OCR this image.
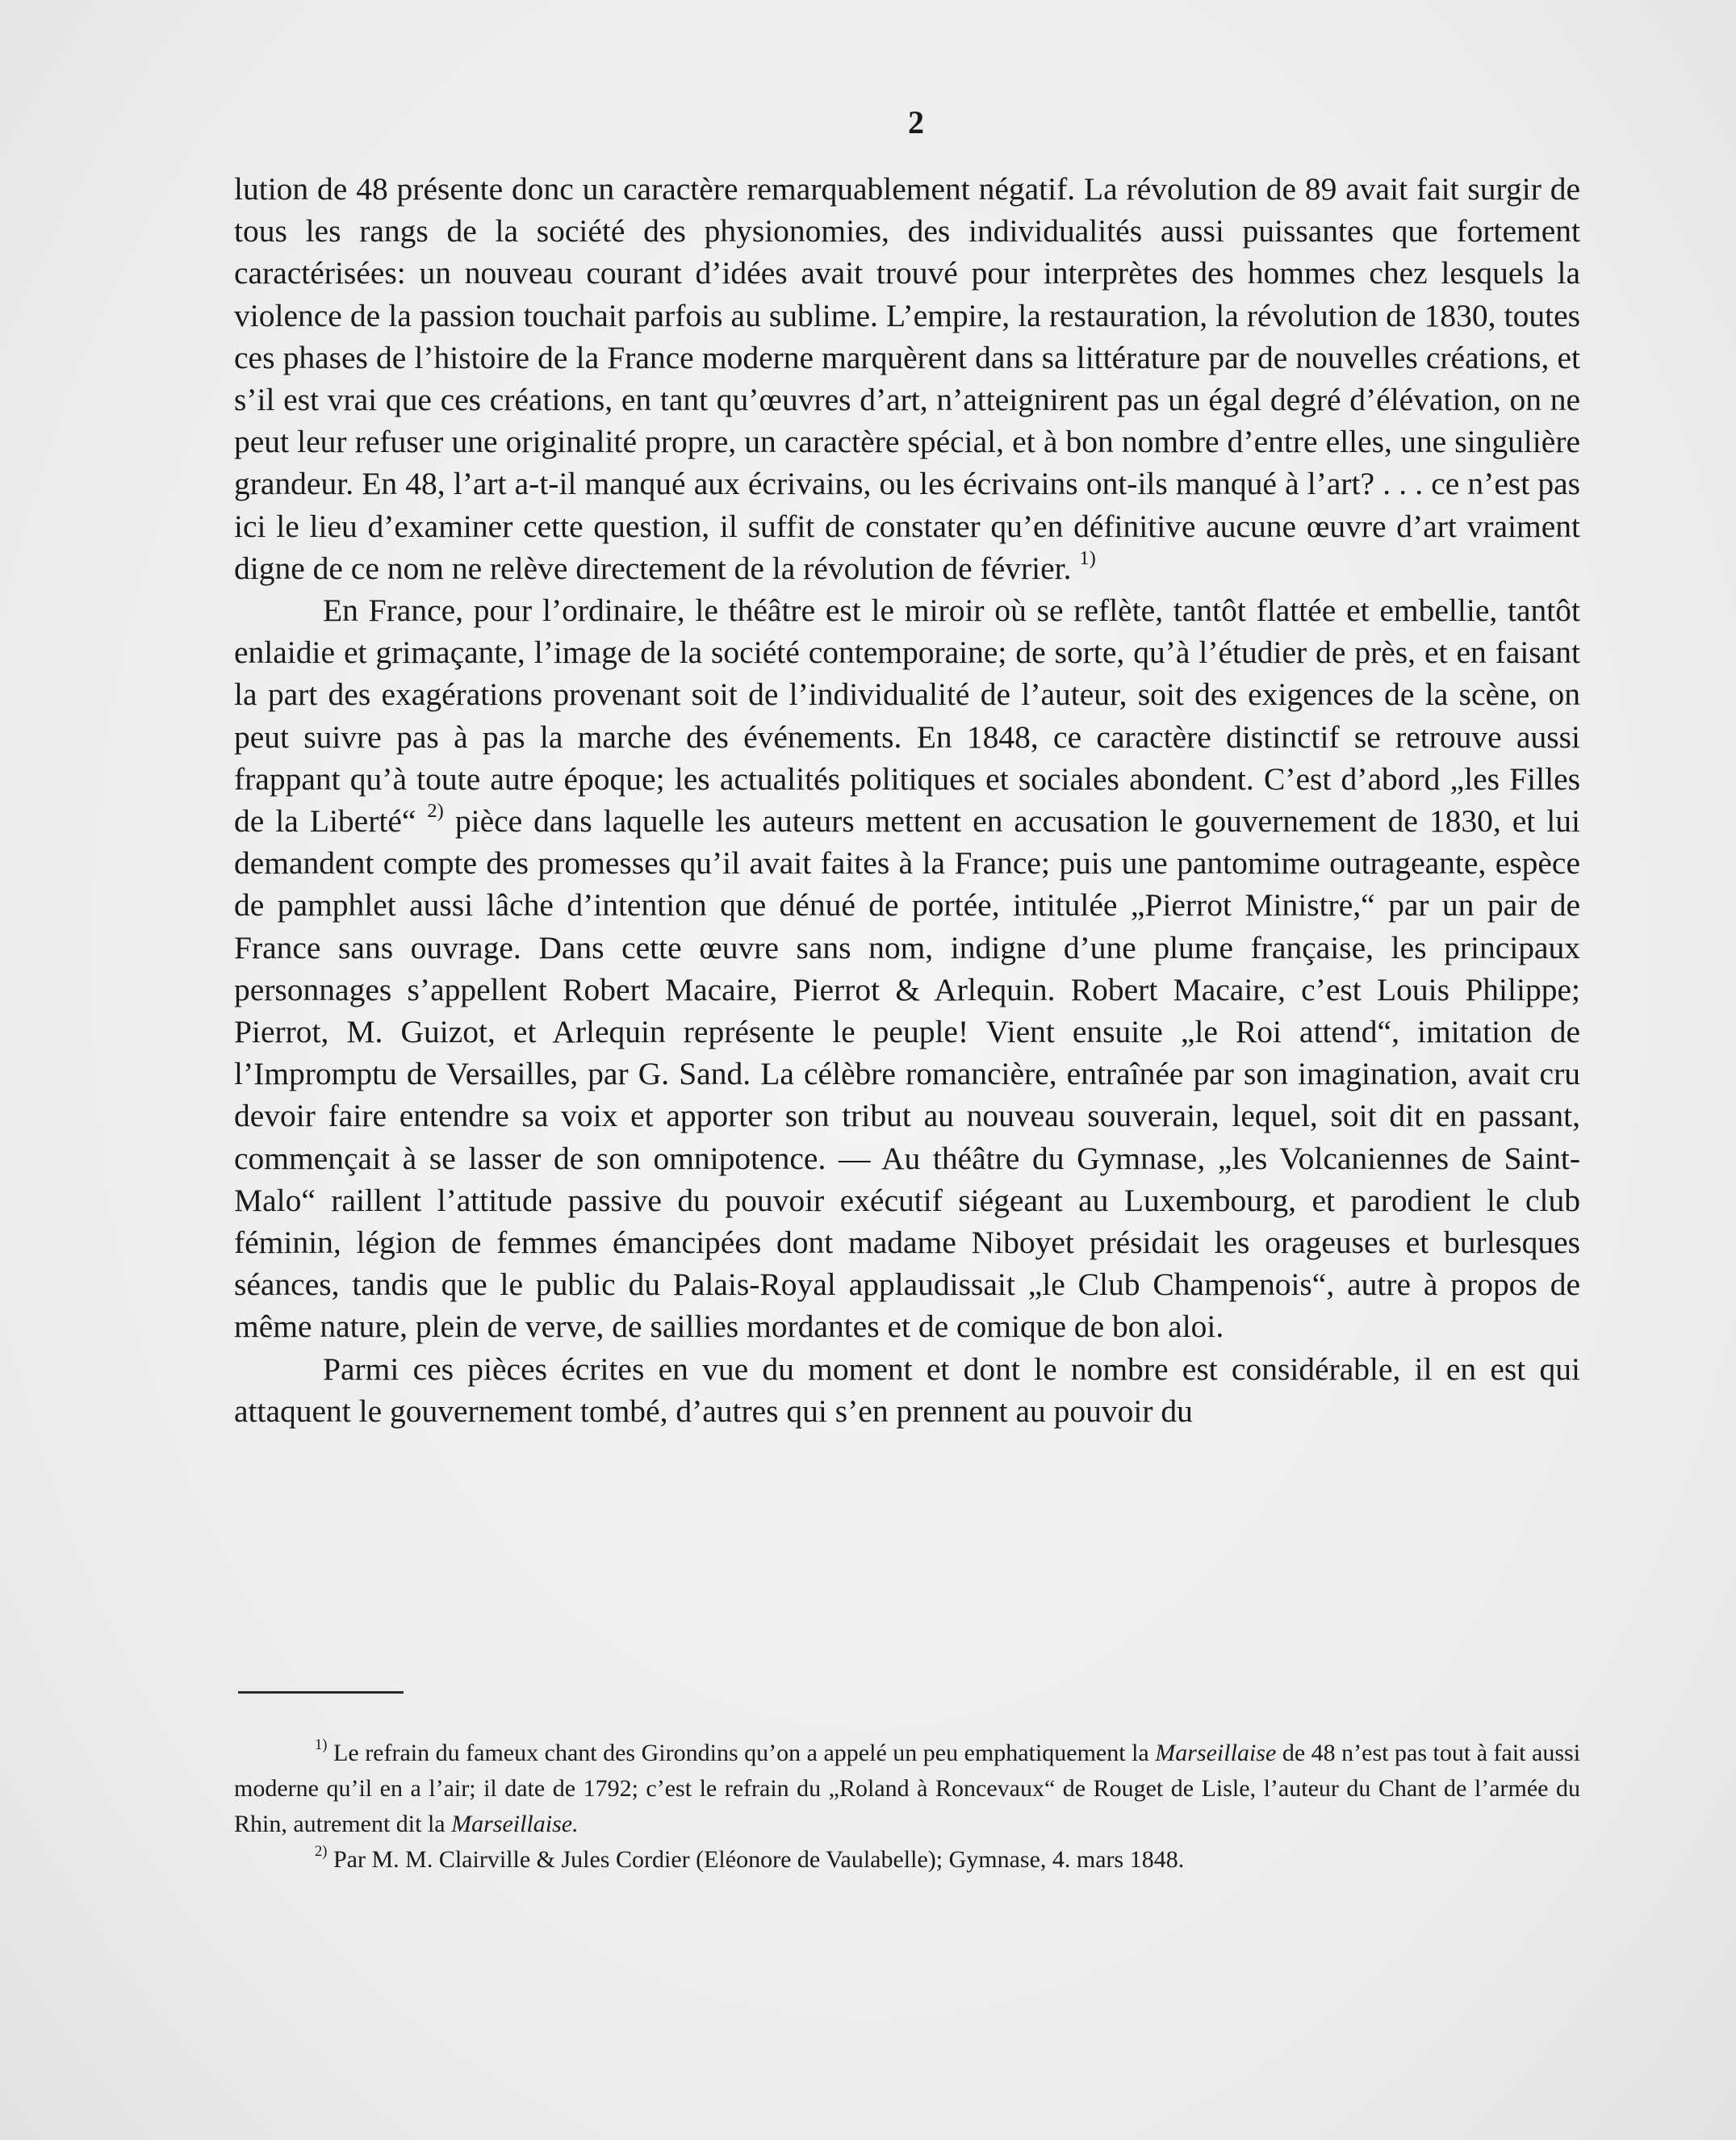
2

lution de 48 présente donc un caractère remarquablement négatif. La révolution de 89 avait fait surgir de tous les rangs de la société des physionomies, des individualités aussi puissantes que fortement caractérisées: un nouveau courant d’idées avait trouvé pour interprètes des hommes chez lesquels la violence de la passion touchait parfois au sublime. L’empire, la restauration, la révolution de 1830, toutes ces phases de l’histoire de la France moderne marquèrent dans sa littérature par de nouvelles créations, et s’il est vrai que ces créations, en tant qu’œuvres d’art, n’atteignirent pas un égal degré d’élévation, on ne peut leur refuser une originalité propre, un caractère spécial, et à bon nombre d’entre elles, une singulière grandeur. En 48, l’art a-t-il manqué aux écrivains, ou les écrivains ont-ils manqué à l’art? . . . ce n’est pas ici le lieu d’examiner cette question, il suffit de constater qu’en définitive aucune œuvre d’art vraiment digne de ce nom ne relève directement de la révolution de février. $^{1)}$

En France, pour l’ordinaire, le théâtre est le miroir où se reflète, tantôt flattée et embellie, tantôt enlaidie et grimaçante, l’image de la société contemporaine; de sorte, qu’à l’étudier de près, et en faisant la part des exagérations provenant soit de l’individualité de l’auteur, soit des exigences de la scène, on peut suivre pas à pas la marche des événements. En 1848, ce caractère distinctif se retrouve aussi frappant qu’à toute autre époque; les actualités politiques et sociales abondent. C’est d’abord „les Filles de la Liberté“ $^{2)}$ pièce dans laquelle les auteurs mettent en accusation le gouvernement de 1830, et lui demandent compte des promesses qu’il avait faites à la France; puis une pantomime outrageante, espèce de pamphlet aussi lâche d’intention que dénué de portée, intitulée „Pierrot Ministre,“ par un pair de France sans ouvrage. Dans cette œuvre sans nom, indigne d’une plume française, les principaux personnages s’appellent Robert Macaire, Pierrot & Arlequin. Robert Macaire, c’est Louis Philippe; Pierrot, M. Guizot, et Arlequin représente le peuple! Vient ensuite „le Roi attend“, imitation de l’Impromptu de Versailles, par G. Sand. La célèbre romancière, entraînée par son imagination, avait cru devoir faire entendre sa voix et apporter son tribut au nouveau souverain, lequel, soit dit en passant, commençait à se lasser de son omnipotence. — Au théâtre du Gymnase, „les Volcaniennes de Saint-Malo“ raillent l’attitude passive du pouvoir exécutif siégeant au Luxembourg, et parodient le club féminin, légion de femmes émancipées dont madame Niboyet présidait les orageuses et burlesques séances, tandis que le public du Palais-Royal applaudissait „le Club Champenois“, autre à propos de même nature, plein de verve, de saillies mordantes et de comique de bon aloi.

Parmi ces pièces écrites en vue du moment et dont le nombre est considérable, il en est qui attaquent le gouvernement tombé, d’autres qui s’en prennent au pouvoir du

$^{1)}$ Le refrain du fameux chant des Girondins qu’on a appelé un peu emphatiquement la Marseillaise de 48 n’est pas tout à fait aussi moderne qu’il en a l’air; il date de 1792; c’est le refrain du „Roland à Roncevaux“ de Rouget de Lisle, l’auteur du Chant de l’armée du Rhin, autrement dit la Marseillaise.

$^{2)}$ Par M. M. Clairville & Jules Cordier (Eléonore de Vaulabelle); Gymnase, 4. mars 1848.
